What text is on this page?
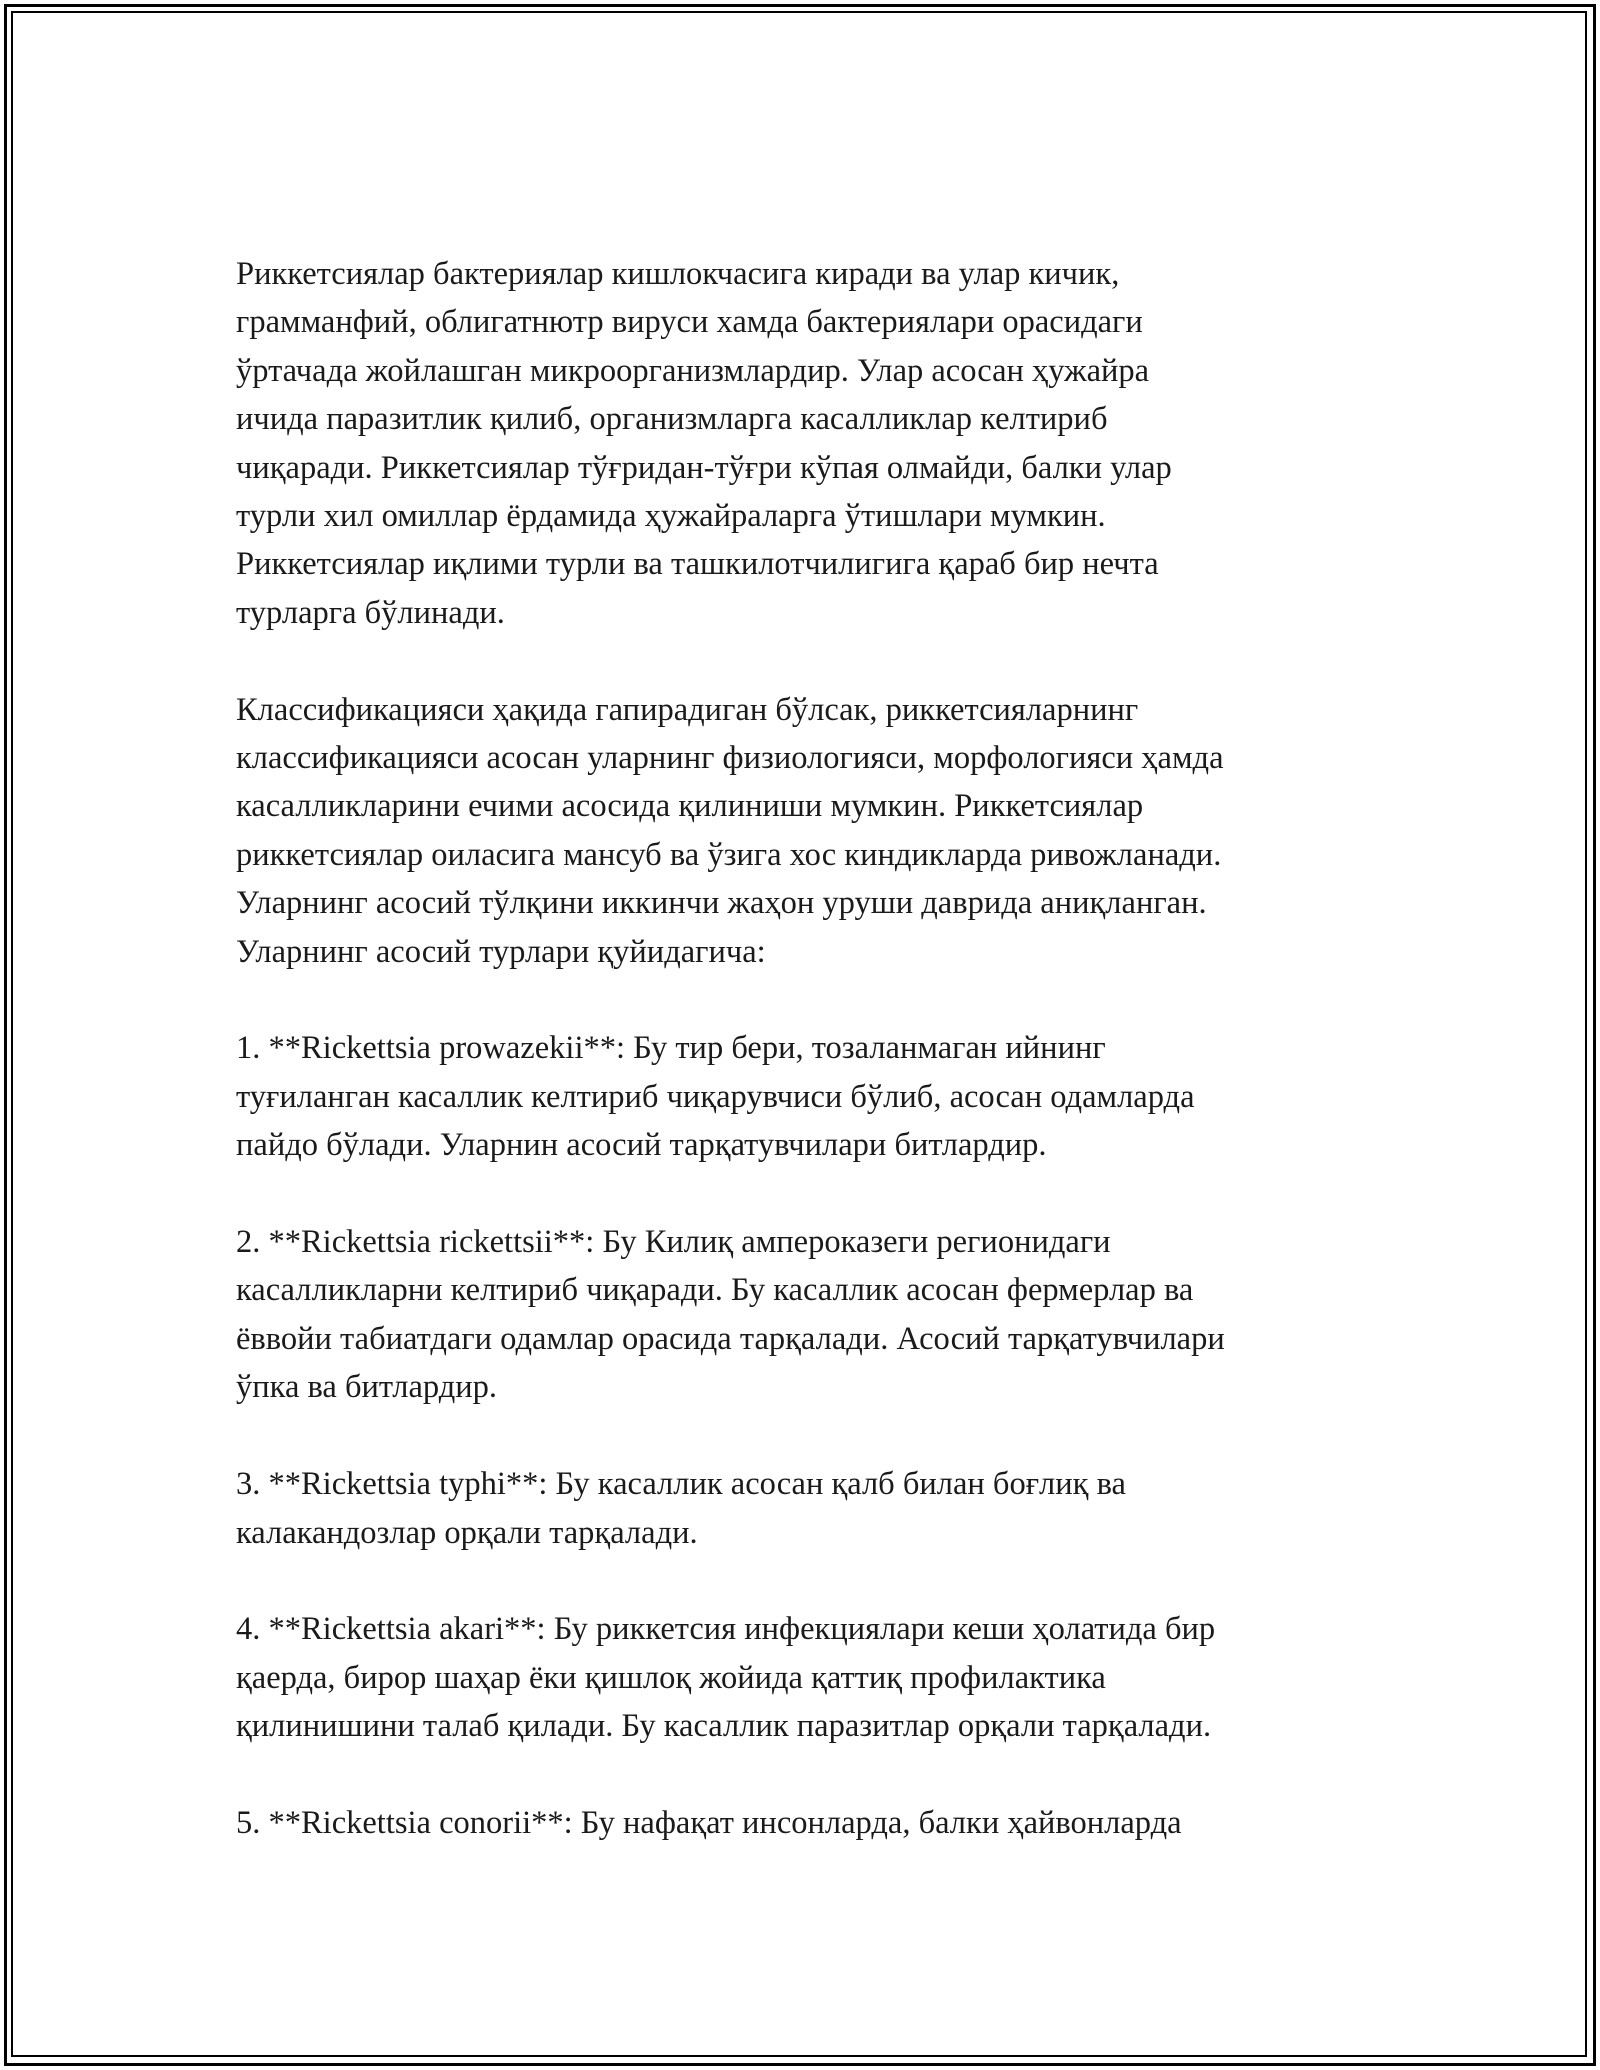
Риккетсиялар бактериялар кишлокчасига киради ва улар кичик,
грамманфий, облигатнютр вируси хамда бактериялари орасидаги
ўртачада жойлашган микроорганизмлардир. Улар асосан ҳужайра
ичида паразитлик қилиб, организмларга касалликлар келтириб
чиқаради. Риккетсиялар тўғридан-тўғри кўпая олмайди, балки улар
турли хил омиллар ёрдамида ҳужайраларга ўтишлари мумкин.
Риккетсиялар иқлими турли ва ташкилотчилигига қараб бир нечта
турларга бўлинади.

Классификацияси ҳақида гапирадиган бўлсак, риккетсияларнинг
классификацияси асосан уларнинг физиологияси, морфологияси ҳамда
касалликларини ечими асосида қилиниши мумкин. Риккетсиялар
риккетсиялар оиласига мансуб ва ўзига хос киндикларда ривожланади.
Уларнинг асосий тўлқини иккинчи жаҳон уруши даврида аниқланган.
Уларнинг асосий турлари қуйидагича:

1. **Rickettsia prowazekii**: Бу тир бери, тозаланмаган ийнинг
туғиланган касаллик келтириб чиқарувчиси бўлиб, асосан одамларда
пайдо бўлади. Уларнин асосий тарқатувчилари битлардир.

2. **Rickettsia rickettsii**: Бу Килиқ ампероказеги регионидаги
касалликларни келтириб чиқаради. Бу касаллик асосан фермерлар ва
ёввойи табиатдаги одамлар орасида тарқалади. Асосий тарқатувчилари
ўпка ва битлардир.

3. **Rickettsia typhi**: Бу касаллик асосан қалб билан боғлиқ ва
калакандозлар орқали тарқалади.

4. **Rickettsia akari**: Бу риккетсия инфекциялари кеши ҳолатида бир
қаерда, бирор шаҳар ёки қишлоқ жойида қаттиқ профилактика
қилинишини талаб қилади. Бу касаллик паразитлар орқали тарқалади.

5. **Rickettsia conorii**: Бу нафақат инсонларда, балки ҳайвонларда
